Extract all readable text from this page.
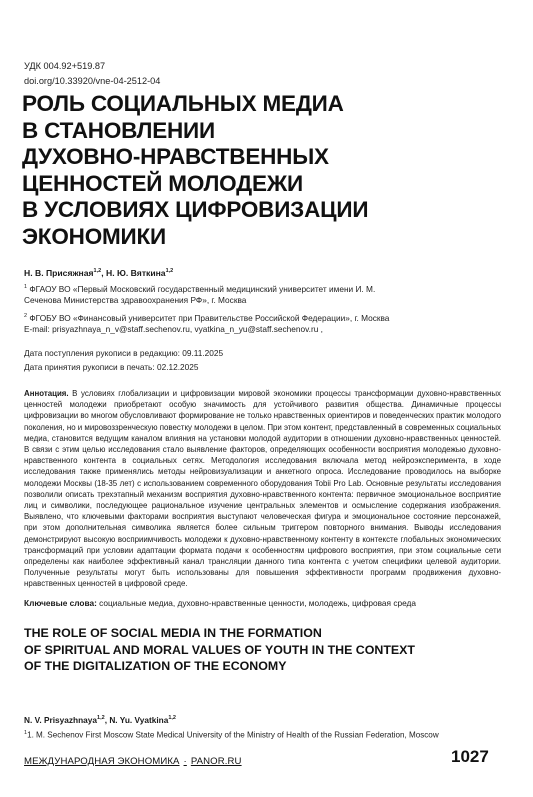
УДК 004.92+519.87
doi.org/10.33920/vne-04-2512-04
РОЛЬ СОЦИАЛЬНЫХ МЕДИА
В СТАНОВЛЕНИИ
ДУХОВНО-НРАВСТВЕННЫХ
ЦЕННОСТЕЙ МОЛОДЕЖИ
В УСЛОВИЯХ ЦИФРОВИЗАЦИИ
ЭКОНОМИКИ
Н. В. Присяжная$^{1,2}$, Н. Ю. Вяткина$^{1,2}$
$^1$ ФГАОУ ВО «Первый Московский государственный медицинский университет имени И. М.
Сеченова Министерства здравоохранения РФ», г. Москва
$^2$ ФГОБУ ВО «Финансовый университет при Правительстве Российской Федерации», г. Москва
E-mail: prisyazhnaya_n_v@staff.sechenov.ru, vyatkina_n_yu@staff.sechenov.ru ,
Дата поступления рукописи в редакцию: 09.11.2025
Дата принятия рукописи в печать: 02.12.2025
Аннотация. В условиях глобализации и цифровизации мировой экономики процессы трансформации духовно-нравственных ценностей молодежи приобретают особую значимость для устойчивого развития общества. Динамичные процессы цифровизации во многом обусловливают формирование не только нравственных ориентиров и поведенческих практик молодого поколения, но и мировоззренческую повестку молодежи в целом. При этом контент, представленный в современных социальных медиа, становится ведущим каналом влияния на установки молодой аудитории в отношении духовно-нравственных ценностей. В связи с этим целью исследования стало выявление факторов, определяющих особенности восприятия молодежью духовно-нравственного контента в социальных сетях. Методология исследования включала метод нейроэксперимента, в ходе исследования также применялись методы нейровизуализации и анкетного опроса. Исследование проводилось на выборке молодежи Москвы (18-35 лет) с использованием современного оборудования Tobii Pro Lab. Основные результаты исследования позволили описать трехэтапный механизм восприятия духовно-нравственного контента: первичное эмоциональное восприятие лиц и символики, последующее рациональное изучение центральных элементов и осмысление содержания изображения. Выявлено, что ключевыми факторами восприятия выступают человеческая фигура и эмоциональное состояние персонажей, при этом дополнительная символика является более сильным триггером повторного внимания. Выводы исследования демонстрируют высокую восприимчивость молодежи к духовно-нравственному контенту в контексте глобальных экономических трансформаций при условии адаптации формата подачи к особенностям цифрового восприятия, при этом социальные сети определены как наиболее эффективный канал трансляции данного типа контента с учетом специфики целевой аудитории. Полученные результаты могут быть использованы для повышения эффективности программ продвижения духовно-нравственных ценностей в цифровой среде.
Ключевые слова: социальные медиа, духовно-нравственные ценности, молодежь, цифровая среда
THE ROLE OF SOCIAL MEDIA IN THE FORMATION
OF SPIRITUAL AND MORAL VALUES OF YOUTH IN THE CONTEXT
OF THE DIGITALIZATION OF THE ECONOMY
N. V. Prisyazhnaya$^{1,2}$, N. Yu. Vyatkina$^{1,2}$
$^1$1. M. Sechenov First Moscow State Medical University of the Ministry of Health of the Russian Federation, Moscow
МЕЖДУНАРОДНАЯ ЭКОНОМИКА · PANOR.RU	1027
